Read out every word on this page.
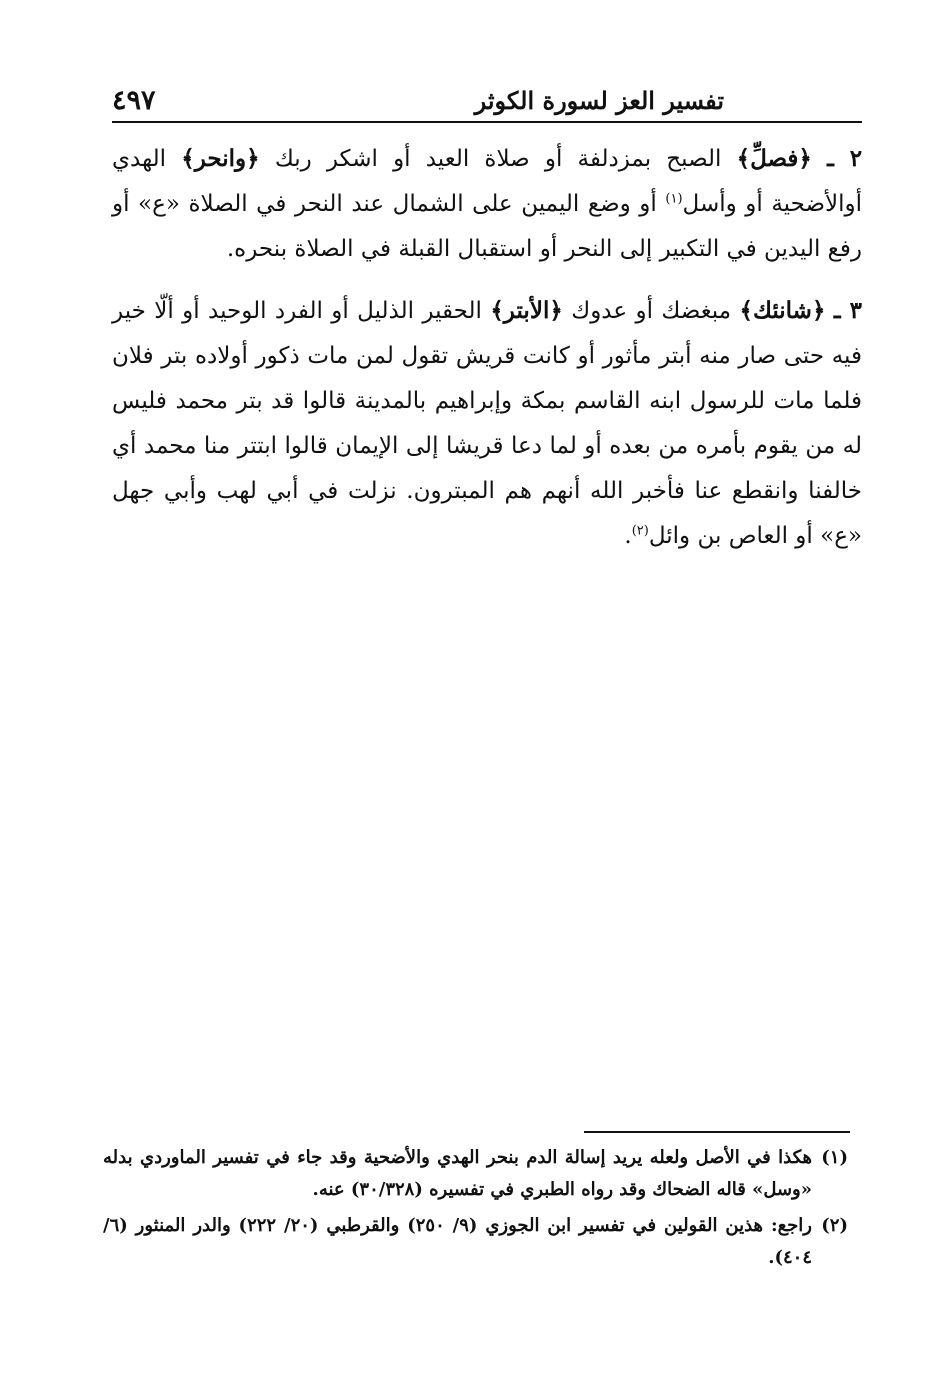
٤٩٧	تفسير العز لسورة الكوثر

٢ ـ ﴿فصلِّ﴾ الصبح بمزدلفة أو صلاة العيد أو اشكر ربك ﴿وانحر﴾ الهدي أوالأضحية أو وأسل$^{(١)}$ أو وضع اليمين على الشمال عند النحر في الصلاة «ع» أو رفع اليدين في التكبير إلى النحر أو استقبال القبلة في الصلاة بنحره.

٣ ـ ﴿شانئك﴾ مبغضك أو عدوك ﴿الأبتر﴾ الحقير الذليل أو الفرد الوحيد أو ألّا خير فيه حتى صار منه أبتر مأثور أو كانت قريش تقول لمن مات ذكور أولاده بتر فلان فلما مات للرسول ابنه القاسم بمكة وإبراهيم بالمدينة قالوا قد بتر محمد فليس له من يقوم بأمره من بعده أو لما دعا قريشا إلى الإيمان قالوا ابتتر منا محمد أي خالفنا وانقطع عنا فأخبر الله أنهم هم المبترون. نزلت في أبي لهب وأبي جهل «ع» أو العاص بن وائل$^{(٢)}$.

(١)
هكذا في الأصل ولعله يريد إسالة الدم بنحر الهدي والأضحية وقد جاء في تفسير الماوردي بدله «وسل» قاله الضحاك وقد رواه الطبري في تفسيره (٣٠/٣٢٨) عنه.
(٢)
راجع: هذين القولين في تفسير ابن الجوزي (٩/ ٢٥٠) والقرطبي (٢٠/ ٢٢٢) والدر المنثور (٦/ ٤٠٤).
